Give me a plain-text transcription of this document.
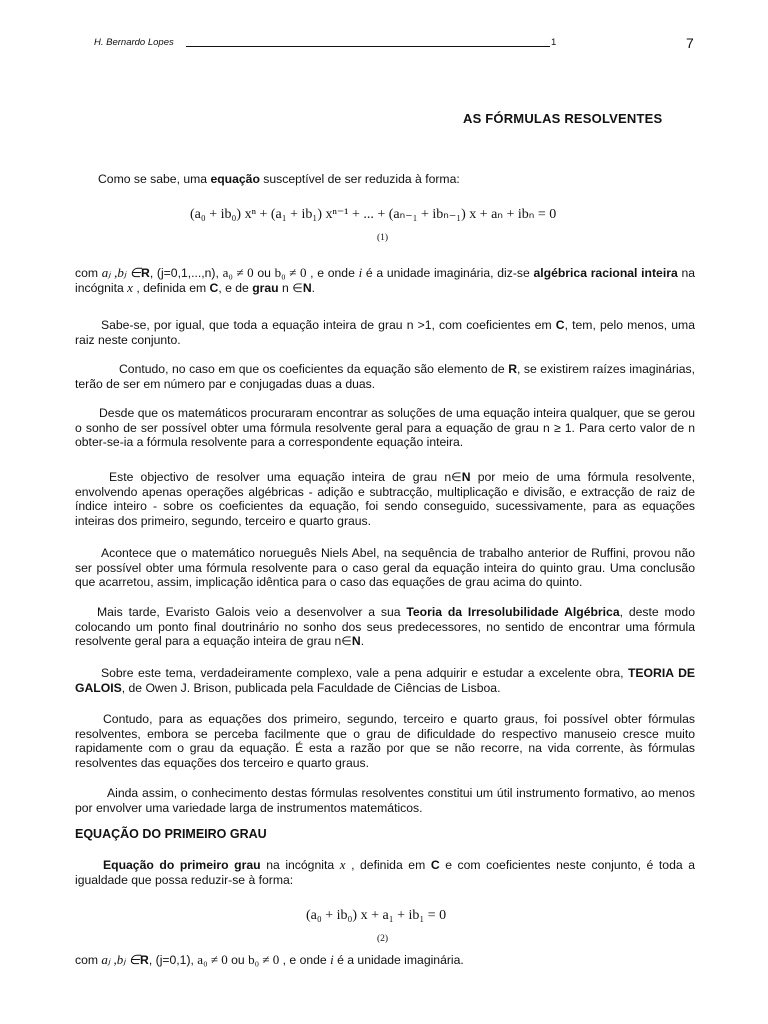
H. Bernardo Lopes	1	7
AS FÓRMULAS RESOLVENTES

Como se sabe, uma equação susceptível de ser reduzida à forma:

(a₀ + ib₀) xⁿ + (a₁ + ib₁) xⁿ⁻¹ + ... + (aₙ₋₁ + ibₙ₋₁) x + aₙ + ibₙ = 0
(1)

com aⱼ ,bⱼ ∈R, (j=0,1,...,n), a₀ ≠ 0 ou b₀ ≠ 0 , e onde i é a unidade imaginária, diz-se algébrica racional inteira na incógnita x , definida em C, e de grau n ∈N.

Sabe-se, por igual, que toda a equação inteira de grau n >1, com coeficientes em C, tem, pelo menos, uma raiz neste conjunto.

Contudo, no caso em que os coeficientes da equação são elemento de R, se existirem raízes imaginárias, terão de ser em número par e conjugadas duas a duas.

Desde que os matemáticos procuraram encontrar as soluções de uma equação inteira qualquer, que se gerou o sonho de ser possível obter uma fórmula resolvente geral para a equação de grau n ≥ 1. Para certo valor de n obter-se-ia a fórmula resolvente para a correspondente equação inteira.

Este objectivo de resolver uma equação inteira de grau n∈N por meio de uma fórmula resolvente, envolvendo apenas operações algébricas - adição e subtracção, multiplicação e divisão, e extracção de raiz de índice inteiro - sobre os coeficientes da equação, foi sendo conseguido, sucessivamente, para as equações inteiras dos primeiro, segundo, terceiro e quarto graus.

Acontece que o matemático norueguês Niels Abel, na sequência de trabalho anterior de Ruffini, provou não ser possível obter uma fórmula resolvente para o caso geral da equação inteira do quinto grau. Uma conclusão que acarretou, assim, implicação idêntica para o caso das equações de grau acima do quinto.

Mais tarde, Evaristo Galois veio a desenvolver a sua Teoria da Irresolubilidade Algébrica, deste modo colocando um ponto final doutrinário no sonho dos seus predecessores, no sentido de encontrar uma fórmula resolvente geral para a equação inteira de grau n∈N.

Sobre este tema, verdadeiramente complexo, vale a pena adquirir e estudar a excelente obra, TEORIA DE GALOIS, de Owen J. Brison, publicada pela Faculdade de Ciências de Lisboa.

Contudo, para as equações dos primeiro, segundo, terceiro e quarto graus, foi possível obter fórmulas resolventes, embora se perceba facilmente que o grau de dificuldade do respectivo manuseio cresce muito rapidamente com o grau da equação. É esta a razão por que se não recorre, na vida corrente, às fórmulas resolventes das equações dos terceiro e quarto graus.

Ainda assim, o conhecimento destas fórmulas resolventes constitui um útil instrumento formativo, ao menos por envolver uma variedade larga de instrumentos matemáticos.

EQUAÇÃO DO PRIMEIRO GRAU

Equação do primeiro grau na incógnita x , definida em C e com coeficientes neste conjunto, é toda a igualdade que possa reduzir-se à forma:

(a₀ + ib₀) x + a₁ + ib₁ = 0
(2)

com aⱼ ,bⱼ ∈R, (j=0,1), a₀ ≠ 0 ou b₀ ≠ 0 , e onde i é a unidade imaginária.
